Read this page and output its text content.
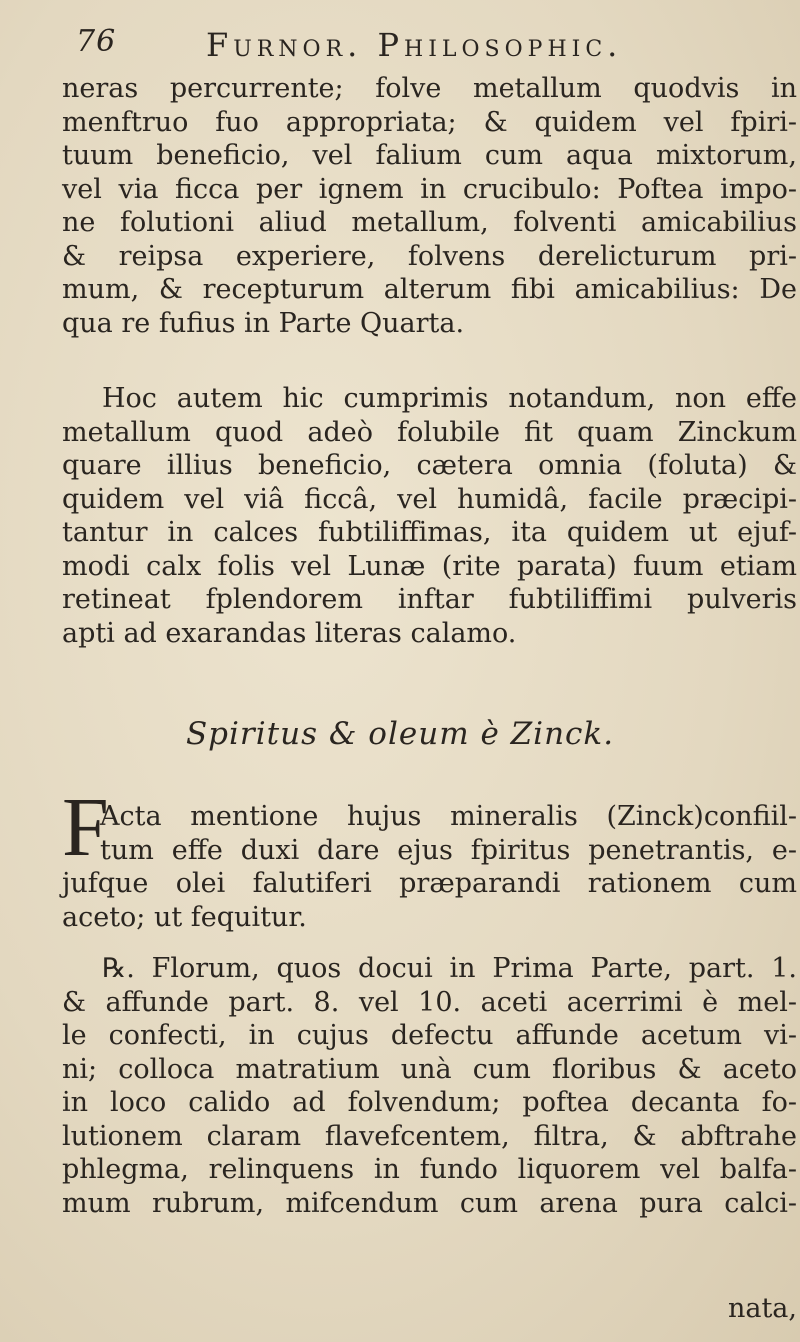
76	Furnor. Philosophic.
neras percurrente; folve metallum quodvis in
menftruo fuo appropriata; & quidem vel fpiri-
tuum beneficio, vel falium cum aqua mixtorum,
vel via ficca per ignem in crucibulo: Poftea impo-
ne folutioni aliud metallum, folventi amicabilius
& reipsa experiere, folvens derelicturum pri-
mum, & recepturum alterum fibi amicabilius: De
qua re fufius in Parte Quarta.
Hoc autem hic cumprimis notandum, non effe
metallum quod adeò folubile fit quam Zinckum
quare illius beneficio, cætera omnia (foluta) &
quidem vel viâ ficcâ, vel humidâ, facile præcipi-
tantur in calces fubtiliffimas, ita quidem ut ejuf-
modi calx folis vel Lunæ (rite parata) fuum etiam
retineat fplendorem inftar fubtiliffimi pulveris
apti ad exarandas literas calamo.
Spiritus & oleum è Zinck.
F
Acta mentione hujus mineralis (Zinck)confiil-
tum effe duxi dare ejus fpiritus penetrantis, e-
jufque olei falutiferi præparandi rationem cum
aceto; ut fequitur.
℞. Florum, quos docui in Prima Parte, part. 1.
& affunde part. 8. vel 10. aceti acerrimi è mel-
le confecti, in cujus defectu affunde acetum vi-
ni; colloca matratium unà cum floribus & aceto
in loco calido ad folvendum; poftea decanta fo-
lutionem claram flavefcentem, filtra, & abftrahe
phlegma, relinquens in fundo liquorem vel balfa-
mum rubrum, mifcendum cum arena pura calci-
nata,
